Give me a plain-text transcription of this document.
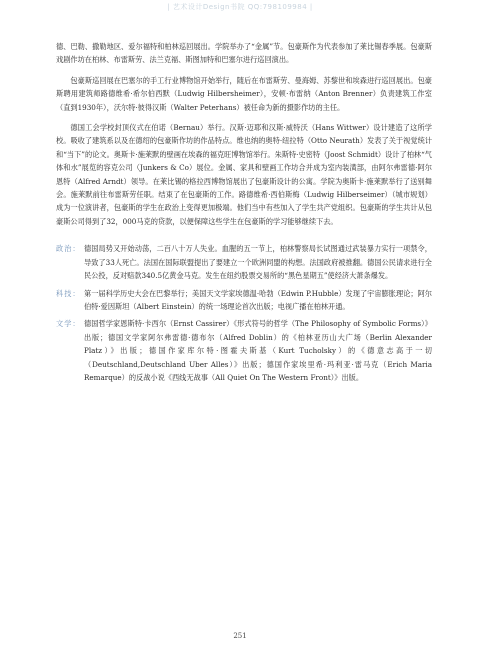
| 艺术设计Design书院 QQ:798109984 |

德、巴勒、撒勒地区、爱尔福特和柏林巡回展出。学院举办了“金属”节。包豪斯作为代表参加了莱比锡春季展。包豪斯戏剧作坊在柏林、布雷斯劳、法兰克福、斯图加特和巴塞尔进行巡回演出。

包豪斯巡回展在巴塞尔的手工行业博物馆开始举行，随后在布雷斯劳、曼海姆、苏黎世和埃森进行巡回展出。包豪斯聘用建筑师路德维希·希尔伯西默（Ludwig Hilbersheimer），安顿·布雷纳（Anton Brenner）负责建筑工作室（直到1930年），沃尔特·彼得汉斯（Walter Peterhans）被任命为新的摄影作坊的主任。

德国工会学校封顶仪式在伯诺（Bernau）举行。汉斯·迈耶和汉斯·威特沃（Hans Wittwer）设计建造了这所学校。吸收了建筑系以及在德绍的包豪斯作坊的作品特点。维也纳的奥特·纽拉特（Otto Neurath）发表了关于视觉统计和“当下”的论文。奥斯卡·施莱默的壁画在埃森的福克旺博物馆举行。朱斯特·史密特（Joost Schmidt）设计了柏林“气体和水”展览的容克公司（Junkers & Co）展位。金属、家具和壁画工作坊合并成为室内装潢部，由阿尔弗雷德·阿尔恩特（Alfred Arndt）领导。在莱比锡的格拉西博物馆展出了包豪斯设计的公寓。学院为奥斯卡·施莱默举行了送别舞会。施莱默前往布雷斯劳任职。结束了在包豪斯的工作。路德维希·西伯斯梅（Ludwig Hilberseimer）（城市规划）成为一位演讲者，包豪斯的学生在政治上变得更加极端。他们当中有些加入了学生共产党组织。包豪斯的学生共计从包豪斯公司得到了32，000马克的贷款，以便保障这些学生在包豪斯的学习能够继续下去。

政治： 德国局势又开始动荡，二百八十万人失业。血腥的五一节上，柏林警察局长试图通过武装暴力实行一项禁令，导致了33人死亡。法国在国际联盟提出了要建立一个欧洲同盟的构想。法国政府被推翻。德国公民请求进行全民公投，反对赔款340.5亿黄金马克。发生在纽约股票交易所的“黑色星期五”使经济大萧条爆发。
科技： 第一届科学历史大会在巴黎举行；美国天文学家埃德温·哈勃（Edwin P.Hubble）发现了宇宙膨胀理论；阿尔伯特·爱因斯坦（Albert Einstein）的统一场理论首次出版；电视广播在柏林开通。
文学： 德国哲学家恩斯特·卡西尔（Ernst Cassirer）《形式符号的哲学（The Philosophy of Symbolic Forms）》出版；德国文学家阿尔弗雷德·德布尔（Alfred Doblin）的《柏林亚历山大广场（Berlin Alexander Platz）》出版；德国作家库尔特·图霍夫斯基（Kurt Tucholsky）的《德意志高于一切（Deutschland,Deutschland Uber Alles）》出版；德国作家埃里希·玛利亚·雷马克（Erich Maria Remarque）的反战小说《西线无战事（All Quiet On The Western Front）》出版。
251
